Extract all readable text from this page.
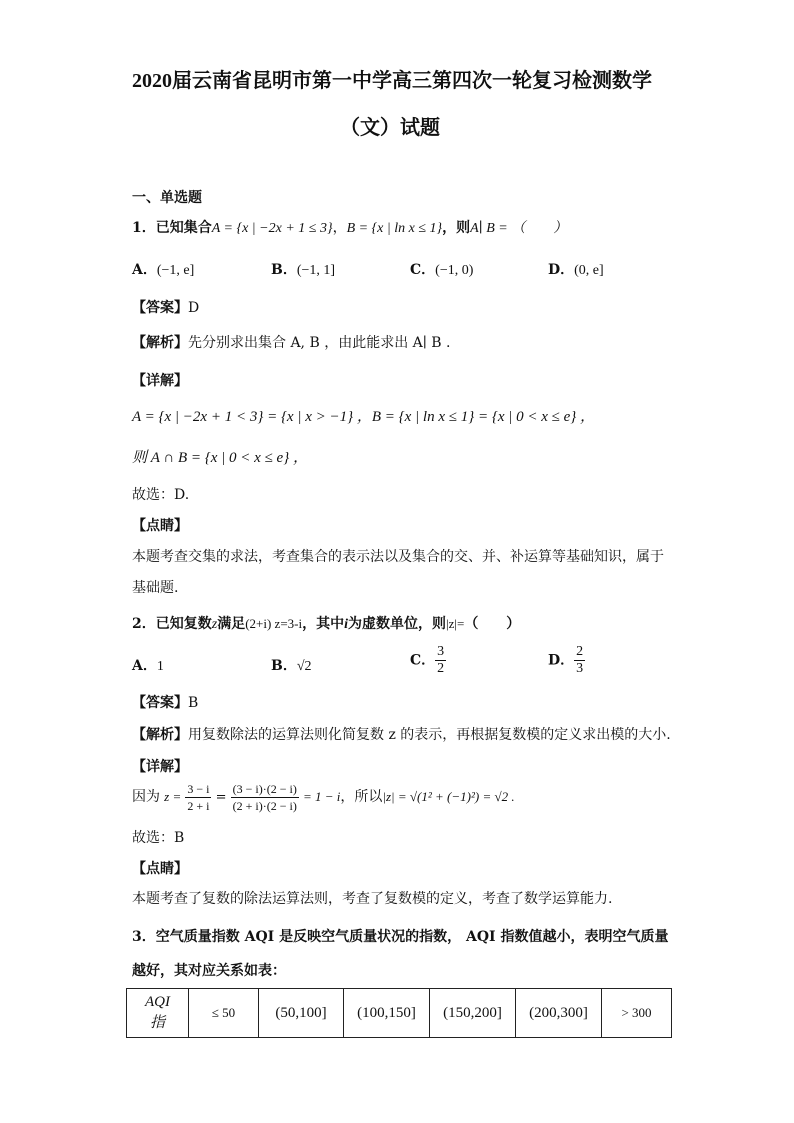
2020届云南省昆明市第一中学高三第四次一轮复习检测数学
（文）试题
一、单选题
1．已知集合A = {x | −2x + 1 ≤ 3}，B = {x | ln x ≤ 1}，则A∣ B = （　　）
A．(−1, e]	B．(−1, 1]	C．(−1, 0)	D．(0, e]
【答案】D
【解析】先分别求出集合 A, B ，由此能求出 A∣ B .
【详解】
A = {x | −2x + 1 < 3} = {x | x > −1} ，B = {x | ln x ≤ 1} = {x | 0 < x ≤ e} ，
则 A ∩ B = {x | 0 < x ≤ e} ，
故选：D.
【点睛】
本题考查交集的求法，考查集合的表示法以及集合的交、并、补运算等基础知识，属于
基础题.
2．已知复数z满足(2+i) z=3-i，其中i为虚数单位，则|z|=（　　）
A．1	B．√2	C． $\frac{3}{2}$	D． $\frac{2}{3}$
【答案】B
【解析】用复数除法的运算法则化简复数 z 的表示，再根据复数模的定义求出模的大小.
【详解】
因为 $z = \frac{3 - i}{2 + i} = \frac{(3 - i)\cdot(2 - i)}{(2 + i)\cdot(2 - i)} = 1 - i$，所以|z| = √(1² + (−1)²) = √2 .
故选：B
【点睛】
本题考查了复数的除法运算法则，考查了复数模的定义，考查了数学运算能力.
3．空气质量指数 AQI 是反映空气质量状况的指数， AQI 指数值越小，表明空气质量
越好，其对应关系如表：
AQI 指	≤ 50	(50,100]	(100,150]	(150,200]	(200,300]	> 300
